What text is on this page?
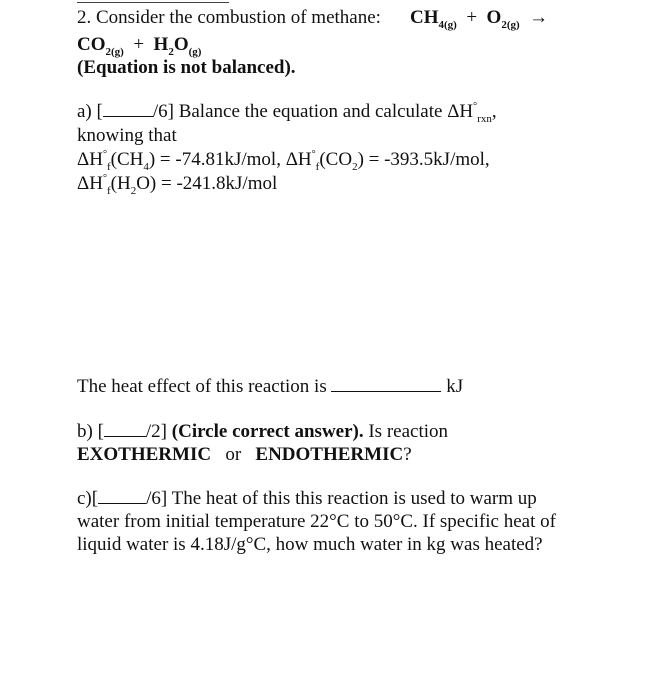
2. Consider the combustion of methane: $CH_{4(g)} + O_{2(g)}$ →
$CO_{2(g)} + H_2O_{(g)}$
(Equation is not balanced).
a) [	/6] Balance the equation and calculate $\Delta H^\circ_{rxn}$,
knowing that
$\Delta H^\circ_f(CH_4) = -74.81kJ/mol$, $\Delta H^\circ_f(CO_2) = -393.5kJ/mol$,
$\Delta H^\circ_f(H_2O) = -241.8kJ/mol$
The heat effect of this reaction is	kJ
b) [ /2] (Circle correct answer). Is reaction
EXOTHERMIC or ENDOTHERMIC?
c)[	/6] The heat of this this reaction is used to warm up
water from initial temperature 22°C to 50°C. If specific heat of
liquid water is 4.18J/g°C, how much water in kg was heated?
